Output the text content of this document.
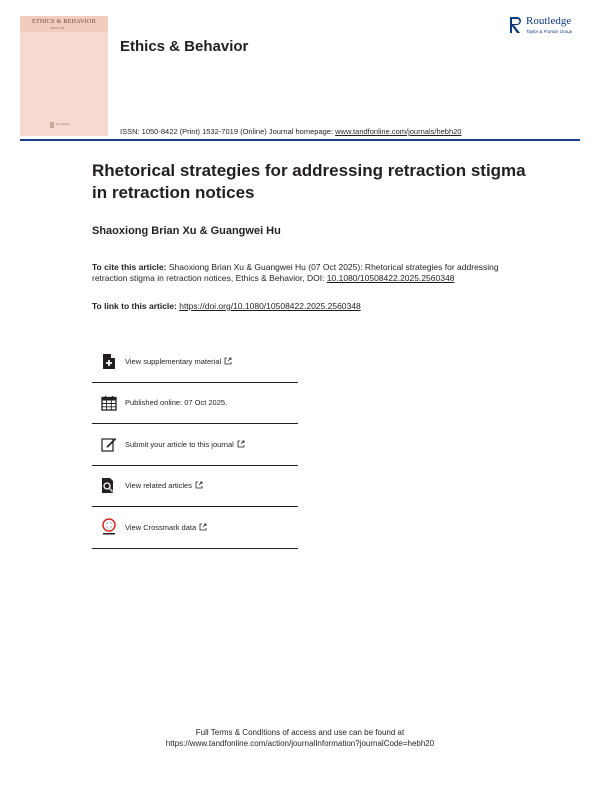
ETHICS & BEHAVIOR
Volume 00
Routledge
Ethics & Behavior
Routledge
Taylor & Francis Group
ISSN: 1050-8422 (Print) 1532-7019 (Online) Journal homepage: www.tandfonline.com/journals/hebh20
Rhetorical strategies for addressing retraction stigma in retraction notices
Shaoxiong Brian Xu & Guangwei Hu
To cite this article: Shaoxiong Brian Xu & Guangwei Hu (07 Oct 2025): Rhetorical strategies for addressing retraction stigma in retraction notices, Ethics & Behavior, DOI: 10.1080/10508422.2025.2560348
To link to this article: https://doi.org/10.1080/10508422.2025.2560348
View supplementary material
Published online: 07 Oct 2025.
Submit your article to this journal
View related articles
View Crossmark data
Full Terms & Conditions of access and use can be found at
https://www.tandfonline.com/action/journalInformation?journalCode=hebh20
